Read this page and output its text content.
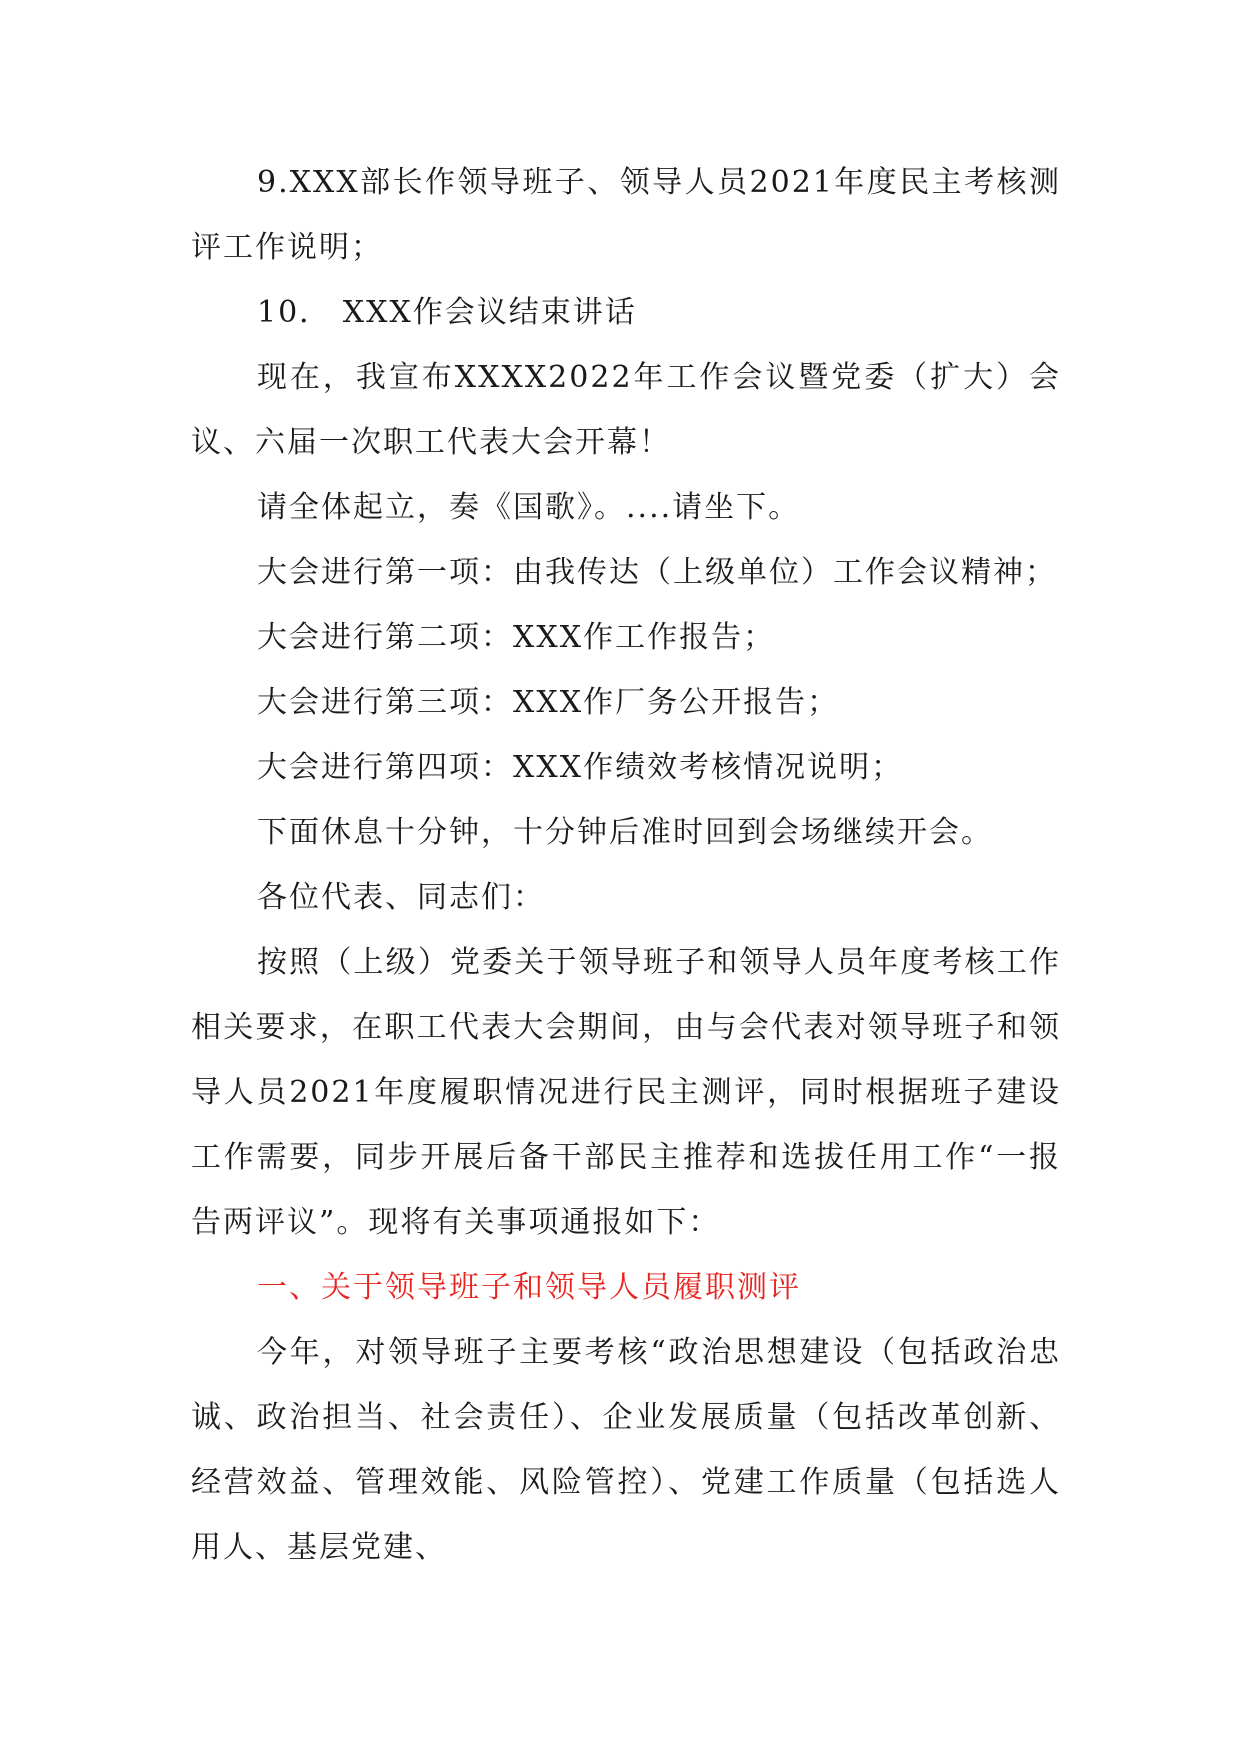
9.XXX部长作领导班子、领导人员2021年度民主考核测评工作说明；

10． XXX作会议结束讲话

现在，我宣布XXXX2022年工作会议暨党委（扩大）会议、六届一次职工代表大会开幕！

请全体起立，奏《国歌》。....请坐下。

大会进行第一项：由我传达（上级单位）工作会议精神；

大会进行第二项：XXX作工作报告；

大会进行第三项：XXX作厂务公开报告；

大会进行第四项：XXX作绩效考核情况说明；

下面休息十分钟，十分钟后准时回到会场继续开会。

各位代表、同志们：

按照（上级）党委关于领导班子和领导人员年度考核工作相关要求，在职工代表大会期间，由与会代表对领导班子和领导人员2021年度履职情况进行民主测评，同时根据班子建设工作需要，同步开展后备干部民主推荐和选拔任用工作“一报告两评议”。现将有关事项通报如下：

一、关于领导班子和领导人员履职测评

今年，对领导班子主要考核“政治思想建设（包括政治忠诚、政治担当、社会责任）、企业发展质量（包括改革创新、经营效益、管理效能、风险管控）、党建工作质量（包括选人用人、基层党建、
